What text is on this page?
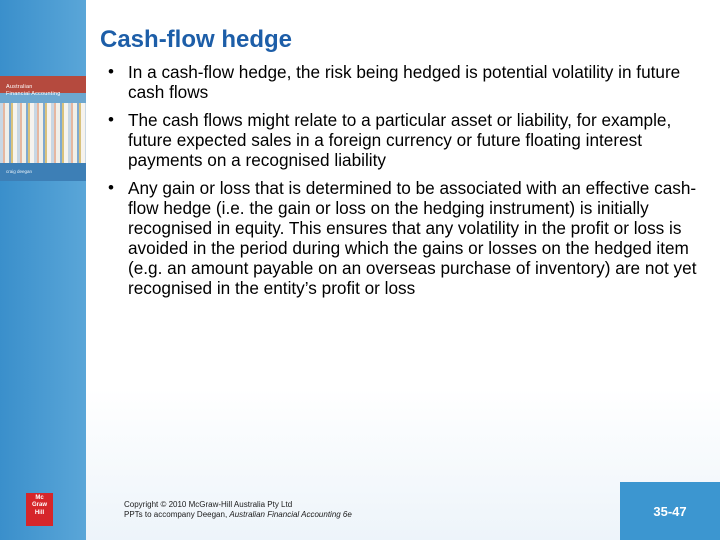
Australian
Financial Accounting
craig deegan
Mc
Graw
Hill
Cash-flow hedge
• In a cash-flow hedge, the risk being hedged is potential volatility in future cash flows
• The cash flows might relate to a particular asset or liability, for example, future expected sales in a foreign currency or future floating interest payments on a recognised liability
• Any gain or loss that is determined to be associated with an effective cash-flow hedge (i.e. the gain or loss on the hedging instrument) is initially recognised in equity. This ensures that any volatility in the profit or loss is avoided in the period during which the gains or losses on the hedged item (e.g. an amount payable on an overseas purchase of inventory) are not yet recognised in the entity’s profit or loss

Copyright © 2010 McGraw-Hill Australia Pty Ltd

PPTs to accompany Deegan, Australian Financial Accounting 6e	35-47
